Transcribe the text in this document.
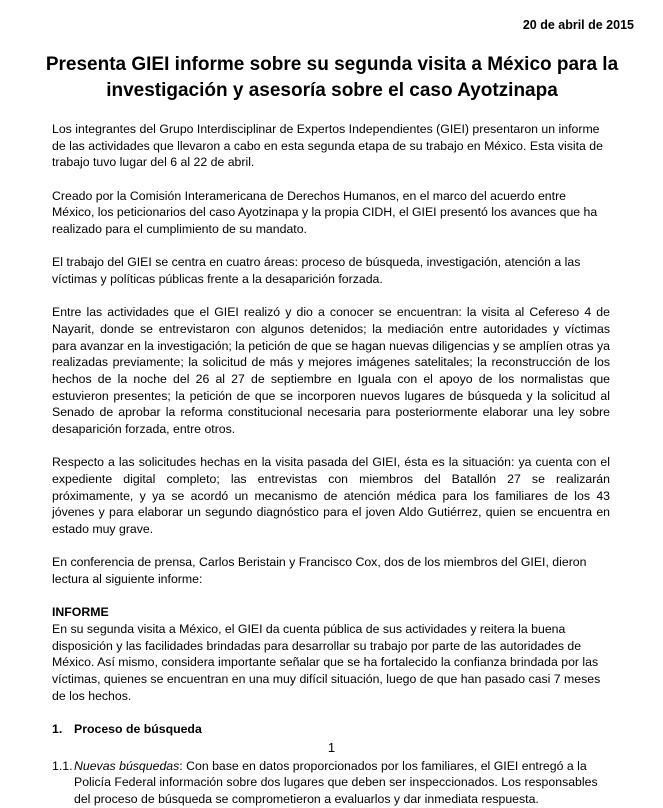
20 de abril de 2015
Presenta GIEI informe sobre su segunda visita a México para la investigación y asesoría sobre el caso Ayotzinapa

Los integrantes del Grupo Interdisciplinar de Expertos Independientes (GIEI) presentaron un informe de las actividades que llevaron a cabo en esta segunda etapa de su trabajo en México. Esta visita de trabajo tuvo lugar del 6 al 22 de abril.

Creado por la Comisión Interamericana de Derechos Humanos, en el marco del acuerdo entre México, los peticionarios del caso Ayotzinapa y la propia CIDH, el GIEI presentó los avances que ha realizado para el cumplimiento de su mandato.

El trabajo del GIEI se centra en cuatro áreas: proceso de búsqueda, investigación, atención a las víctimas y políticas públicas frente a la desaparición forzada.

Entre las actividades que el GIEI realizó y dio a conocer se encuentran: la visita al Cefereso 4 de Nayarit, donde se entrevistaron con algunos detenidos; la mediación entre autoridades y víctimas para avanzar en la investigación; la petición de que se hagan nuevas diligencias y se amplíen otras ya realizadas previamente; la solicitud de más y mejores imágenes satelitales; la reconstrucción de los hechos de la noche del 26 al 27 de septiembre en Iguala con el apoyo de los normalistas que estuvieron presentes; la petición de que se incorporen nuevos lugares de búsqueda y la solicitud al Senado de aprobar la reforma constitucional necesaria para posteriormente elaborar una ley sobre desaparición forzada, entre otros.

Respecto a las solicitudes hechas en la visita pasada del GIEI, ésta es la situación: ya cuenta con el expediente digital completo; las entrevistas con miembros del Batallón 27 se realizarán próximamente, y ya se acordó un mecanismo de atención médica para los familiares de los 43 jóvenes y para elaborar un segundo diagnóstico para el joven Aldo Gutiérrez, quien se encuentra en estado muy grave.

En conferencia de prensa, Carlos Beristain y Francisco Cox, dos de los miembros del GIEI, dieron lectura al siguiente informe:

INFORME

En su segunda visita a México, el GIEI da cuenta pública de sus actividades y reitera la buena disposición y las facilidades brindadas para desarrollar su trabajo por parte de las autoridades de México. Así mismo, considera importante señalar que se ha fortalecido la confianza brindada por las víctimas, quienes se encuentran en una muy difícil situación, luego de que han pasado casi 7 meses de los hechos.

1. Proceso de búsqueda

1.1. Nuevas búsquedas: Con base en datos proporcionados por los familiares, el GIEI entregó a la Policía Federal información sobre dos lugares que deben ser inspeccionados. Los responsables del proceso de búsqueda se comprometieron a evaluarlos y dar inmediata respuesta.
1
